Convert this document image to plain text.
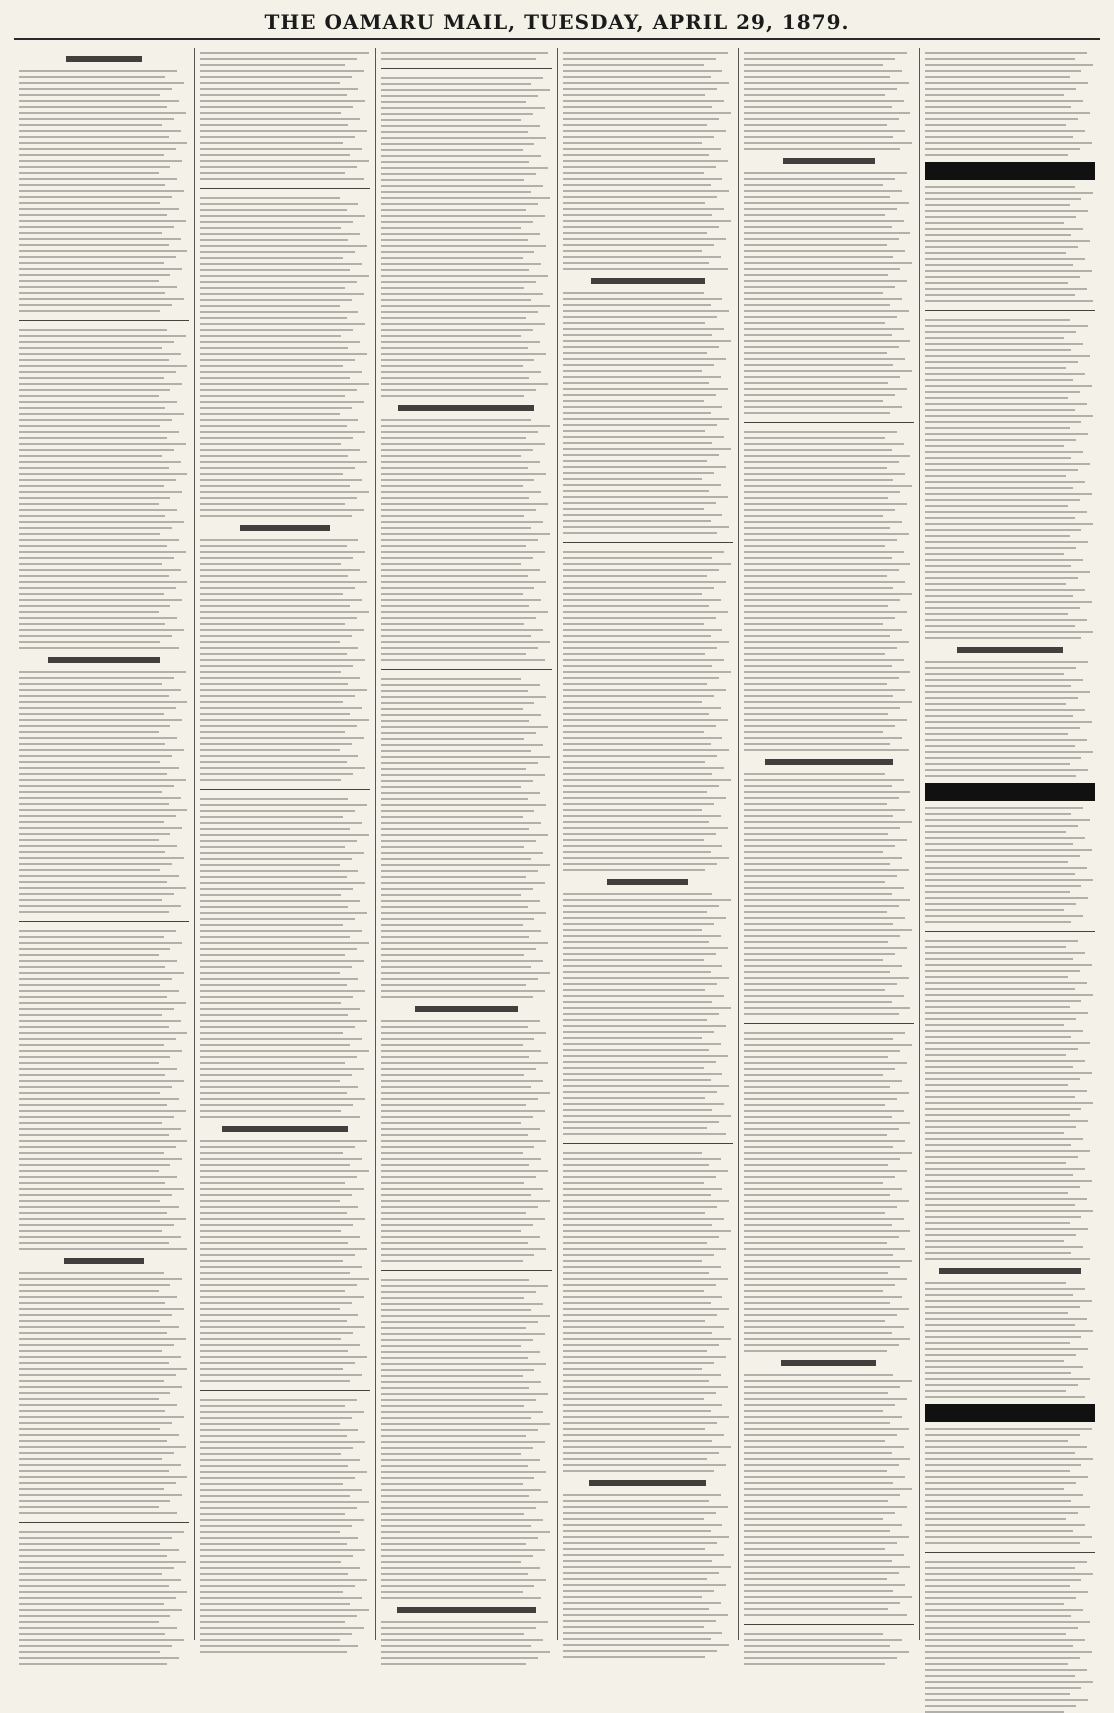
THE OAMARU MAIL, TUESDAY, APRIL 29, 1879.
